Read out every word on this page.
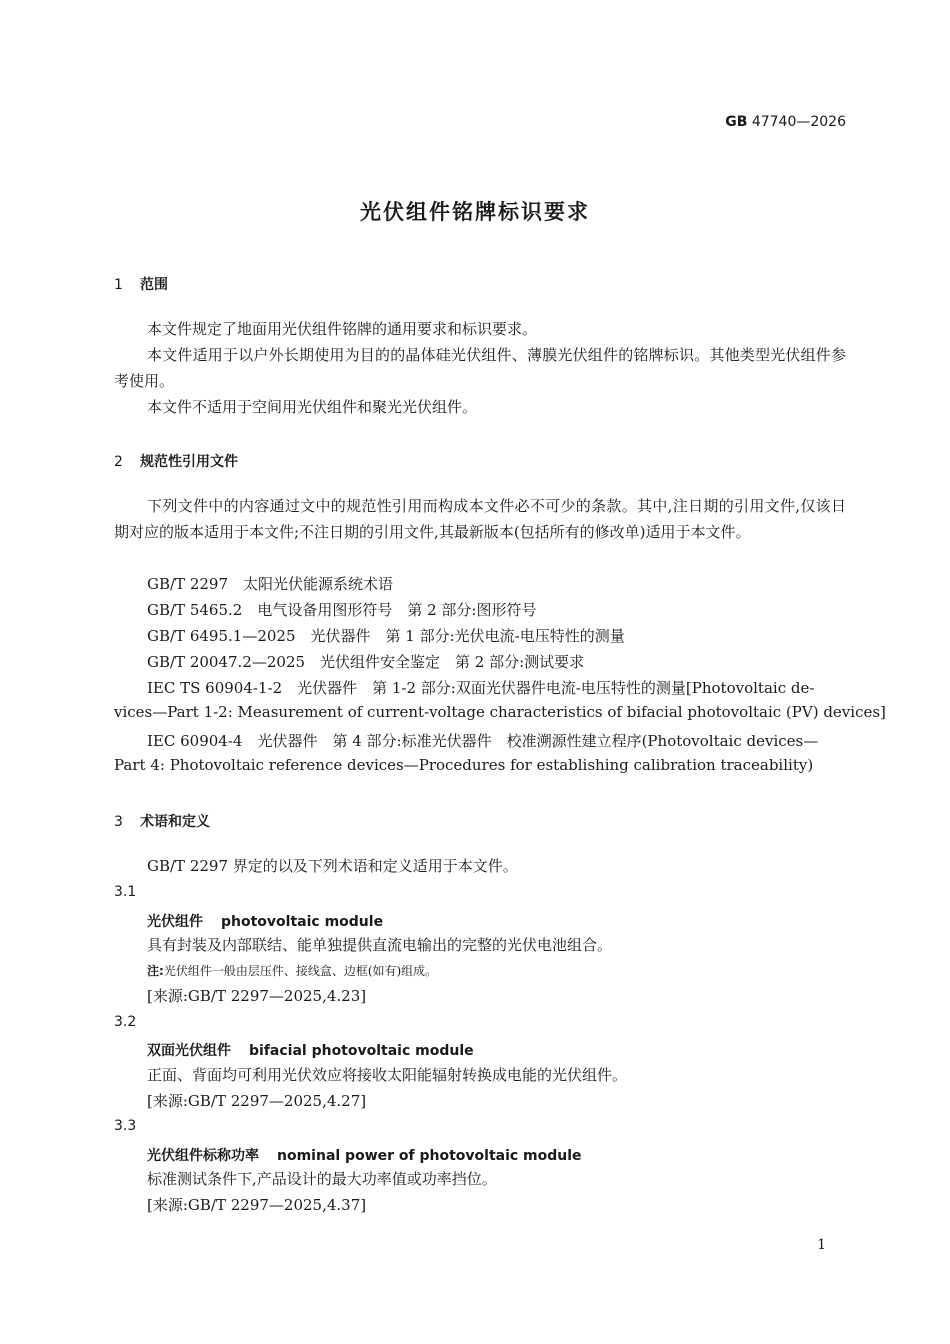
GB 47740—2026
光伏组件铭牌标识要求
1 范围
本文件规定了地面用光伏组件铭牌的通用要求和标识要求。
本文件适用于以户外长期使用为目的的晶体硅光伏组件、薄膜光伏组件的铭牌标识。其他类型光伏组件参考使用。
本文件不适用于空间用光伏组件和聚光光伏组件。
2 规范性引用文件
下列文件中的内容通过文中的规范性引用而构成本文件必不可少的条款。其中,注日期的引用文件,仅该日期对应的版本适用于本文件;不注日期的引用文件,其最新版本(包括所有的修改单)适用于本文件。
GB/T 2297　太阳光伏能源系统术语
GB/T 5465.2　电气设备用图形符号　第 2 部分:图形符号
GB/T 6495.1—2025　光伏器件　第 1 部分:光伏电流-电压特性的测量
GB/T 20047.2—2025　光伏组件安全鉴定　第 2 部分:测试要求
IEC TS 60904-1-2　光伏器件　第 1-2 部分:双面光伏器件电流-电压特性的测量[Photovoltaic de-
vices—Part 1-2: Measurement of current-voltage characteristics of bifacial photovoltaic (PV) devices]
IEC 60904-4　光伏器件　第 4 部分:标准光伏器件　校准溯源性建立程序(Photovoltaic devices—
Part 4: Photovoltaic reference devices—Procedures for establishing calibration traceability)
3 术语和定义
GB/T 2297 界定的以及下列术语和定义适用于本文件。
3.1
光伏组件 photovoltaic module
具有封装及内部联结、能单独提供直流电输出的完整的光伏电池组合。
注:光伏组件一般由层压件、接线盒、边框(如有)组成。
[来源:GB/T 2297—2025,4.23]
3.2
双面光伏组件 bifacial photovoltaic module
正面、背面均可利用光伏效应将接收太阳能辐射转换成电能的光伏组件。
[来源:GB/T 2297—2025,4.27]
3.3
光伏组件标称功率 nominal power of photovoltaic module
标准测试条件下,产品设计的最大功率值或功率挡位。
[来源:GB/T 2297—2025,4.37]
1
